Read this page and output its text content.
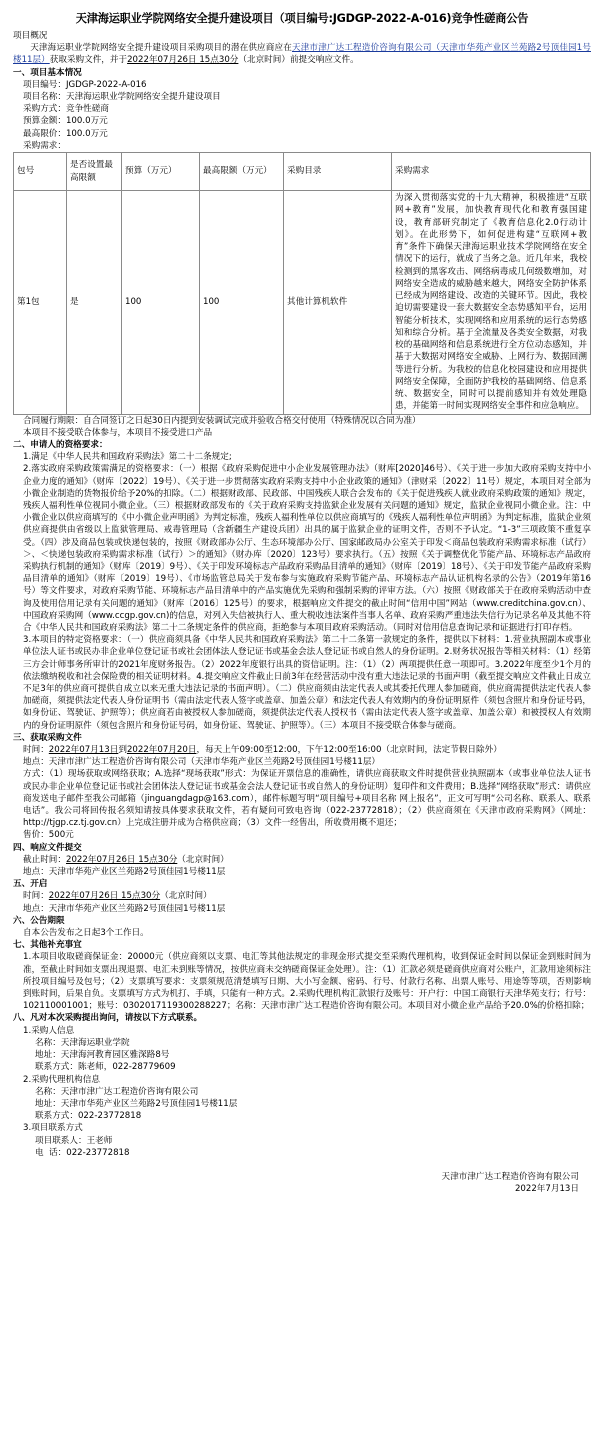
天津海运职业学院网络安全提升建设项目（项目编号:JGDGP-2022-A-016)竞争性磋商公告
项目概况
天津海运职业学院网络安全提升建设项目采购项目的潜在供应商应在天津市津广达工程造价咨询有限公司（天津市华苑产业区兰苑路2号顶佳园1号楼11层）获取采购文件，并于2022年07月26日 15点30分（北京时间）前提交响应文件。
一、项目基本情况
项目编号：JGDGP-2022-A-016
项目名称：天津海运职业学院网络安全提升建设项目
采购方式：竞争性磋商
预算金额：100.0万元
最高限价：100.0万元
采购需求：
包号	是否设置最高限额	预算（万元）	最高限额（万元）	采购目录	采购需求
第1包	是	100	100	其他计算机软件	为深入贯彻落实党的十九大精神，积极推进“互联网+教育”发展，加快教育现代化和教育强国建设，教育部研究制定了《教育信息化2.0行动计划》。在此形势下，如何促进构建“互联网+教育”条件下确保天津海运职业技术学院网络在安全情况下的运行，就成了当务之急。近几年来，我校检测到的黑客攻击、网络病毒成几何级数增加，对网络安全造成的威胁越来越大，网络安全防护体系已经成为网络建设、改造的关键环节。因此，我校迫切需要建设一套大数据安全态势感知平台，运用智能分析技术，实现网络和应用系统的运行态势感知和综合分析。基于全流量及各类安全数据，对我校的基础网络和信息系统进行全方位动态感知，并基于大数据对网络安全威胁、上网行为、数据回溯等进行分析。为我校的信息化校园建设和应用提供网络安全保障，全面防护我校的基础网络、信息系统、数据安全，同时可以提前感知并有效处理隐患，并能第一时间实现网络安全事件和应急响应。
合同履行期限：自合同签订之日起30日内提到安装调试完成并验收合格交付使用（特殊情况以合同为准）
本项目不接受联合体参与，本项目不接受进口产品
二、申请人的资格要求：
1.满足《中华人民共和国政府采购法》第二十二条规定;
2.落实政府采购政策需满足的资格要求：（一）根据《政府采购促进中小企业发展管理办法》（财库[2020]46号）、《关于进一步加大政府采购支持中小企业力度的通知》（财库〔2022〕19号）、《关于进一步贯彻落实政府采购支持中小企业政策的通知》（津财采〔2022〕11号）规定，本项目对全部为小微企业制造的货物报价给予20%的扣除。（二）根据财政部、民政部、中国残疾人联合会发布的《关于促进残疾人就业政府采购政策的通知》规定，残疾人福利性单位视同小微企业。（三）根据财政部发布的《关于政府采购支持监狱企业发展有关问题的通知》规定，监狱企业视同小微企业。注：中小微企业以供应商填写的《中小微企业声明函》为判定标准，残疾人福利性单位以供应商填写的《残疾人福利性单位声明函》为判定标准，监狱企业须供应商提供由省级以上监狱管理局、戒毒管理局（含新疆生产建设兵团）出具的属于监狱企业的证明文件，否则不予认定。“1-3”三项政策不重复享受。（四）涉及商品包装或快递包装的，按照《财政部办公厅、生态环境部办公厅、国家邮政局办公室关于印发＜商品包装政府采购需求标准（试行）＞、＜快递包装政府采购需求标准（试行）＞的通知》（财办库〔2020〕123号）要求执行。（五）按照《关于调整优化节能产品、环境标志产品政府采购执行机制的通知》（财库〔2019〕9号）、《关于印发环境标志产品政府采购品目清单的通知》（财库〔2019〕18号）、《关于印发节能产品政府采购品目清单的通知》（财库〔2019〕19号）、《市场监管总局关于发布参与实施政府采购节能产品、环境标志产品认证机构名录的公告》（2019年第16号）等文件要求，对政府采购节能、环境标志产品目清单中的产品实施优先采购和强制采购的评审方法。（六）按照《财政部关于在政府采购活动中查询及使用信用记录有关问题的通知》（财库〔2016〕125号）的要求，根据响应文件提交的截止时间“信用中国”网站（www.creditchina.gov.cn）、中国政府采购网（www.ccgp.gov.cn)的信息，对列入失信被执行人、重大税收违法案件当事人名单、政府采购严重违法失信行为记录名单及其他不符合《中华人民共和国政府采购法》第二十二条规定条件的供应商，拒绝参与本项目政府采购活动。（同时对信用信息查询记录和证据进行打印存档。
3.本项目的特定资格要求：（一）供应商须具备《中华人民共和国政府采购法》第二十二条第一款规定的条件，提供以下材料：1.营业执照副本或事业单位法人证书或民办非企业单位登记证书或社会团体法人登记证书或基金会法人登记证书或自然人的身份证明。2.财务状况报告等相关材料：（1）经第三方会计师事务所审计的2021年度财务报告。（2）2022年度银行出具的资信证明。注：（1）（2）两项提供任意一项即可。3.2022年度至少1个月的依法缴纳税收和社会保险费的相关证明材料。4.提交响应文件截止日前3年在经营活动中没有重大违法记录的书面声明（截至提交响应文件截止日成立不足3年的供应商可提供自成立以来无重大违法记录的书面声明）。（二）供应商须由法定代表人或其委托代理人参加磋商，供应商需提供法定代表人参加磋商，须提供法定代表人身份证明书（需由法定代表人签字或盖章、加盖公章）和法定代表人有效期内的身份证明原件（须包含照片和身份证号码，如身份证、驾驶证、护照等）；供应商若由被授权人参加磋商，须提供法定代表人授权书（需由法定代表人签字或盖章、加盖公章）和被授权人有效期内的身份证明原件（须包含照片和身份证号码，如身份证、驾驶证、护照等）。（三）本项目不接受联合体参与磋商。
三、获取采购文件
时间：2022年07月13日到2022年07月20日，每天上午09:00至12:00，下午12:00至16:00（北京时间，法定节假日除外）
地点：天津市津广达工程造价咨询有限公司（天津市华苑产业区兰苑路2号顶佳园1号楼11层）
方式：（1）现场获取或网络获取；A.选择“现场获取”形式：为保证开票信息的准确性，请供应商获取文件时提供营业执照副本（或事业单位法人证书或民办非企业单位登记证书或社会团体法人登记证书或基金会法人登记证书或自然人的身份证明）复印件和文件费用；B.选择“网络获取”形式：请供应商发送电子邮件至我公司邮箱（jinguangdagp@163.com），邮件标题写明“项目编号+项目名称 网上报名”，正文可写明“公司名称、联系人、联系电话”。我公司将回传报名须知请按具体要求获取文件，若有疑问可致电咨询（022-23772818）；（2）供应商须在《天津市政府采购网》（网址：http://tjgp.cz.tj.gov.cn）上完成注册并成为合格供应商；（3）文件一经售出，所收费用概不退还；
售价：500元
四、响应文件提交
截止时间：2022年07月26日 15点30分（北京时间）
地点：天津市华苑产业区兰苑路2号顶佳园1号楼11层
五、开启
时间：2022年07月26日 15点30分（北京时间）
地点：天津市华苑产业区兰苑路2号顶佳园1号楼11层
六、公告期限
自本公告发布之日起3个工作日。
七、其他补充事宜
1.本项目收取磋商保证金：20000元（供应商须以支票、电汇等其他法规定的非现金形式提交至采购代理机构，收到保证金时间以保证金到账时间为准，至截止时间如支票出现退票、电汇未到账等情况，按供应商未交纳磋商保证金处理）。注：（1）汇款必须是磋商供应商对公账户，汇款用途须标注所投项目编号及包号；（2）支票填写要求：支票须规范清楚填写日期、大小写金额、密码、行号、付款行名称、出票人账号、用途等等项，否则影响到账时间，后果自负。支票填写方式为机打、手填，只能有一种方式。2.采购代理机构汇款银行及账号：开户行：中国工商银行天津华苑支行；行号：102110001001；账号：0302017119300288227；名称：天津市津广达工程造价咨询有限公司。本项目对小微企业产品给予20.0%的价格扣除；
八、凡对本次采购提出询问，请按以下方式联系。
1.采购人信息
名称：天津海运职业学院
地址：天津海河教育园区雅深路8号
联系方式：陈老师，022-28779609
2.采购代理机构信息
名称：天津市津广达工程造价咨询有限公司
地址：天津市华苑产业区兰苑路2号顶佳园1号楼11层
联系方式：022-23772818
3.项目联系方式
项目联系人：王老师
电  话：022-23772818
天津市津广达工程造价咨询有限公司
2022年7月13日
